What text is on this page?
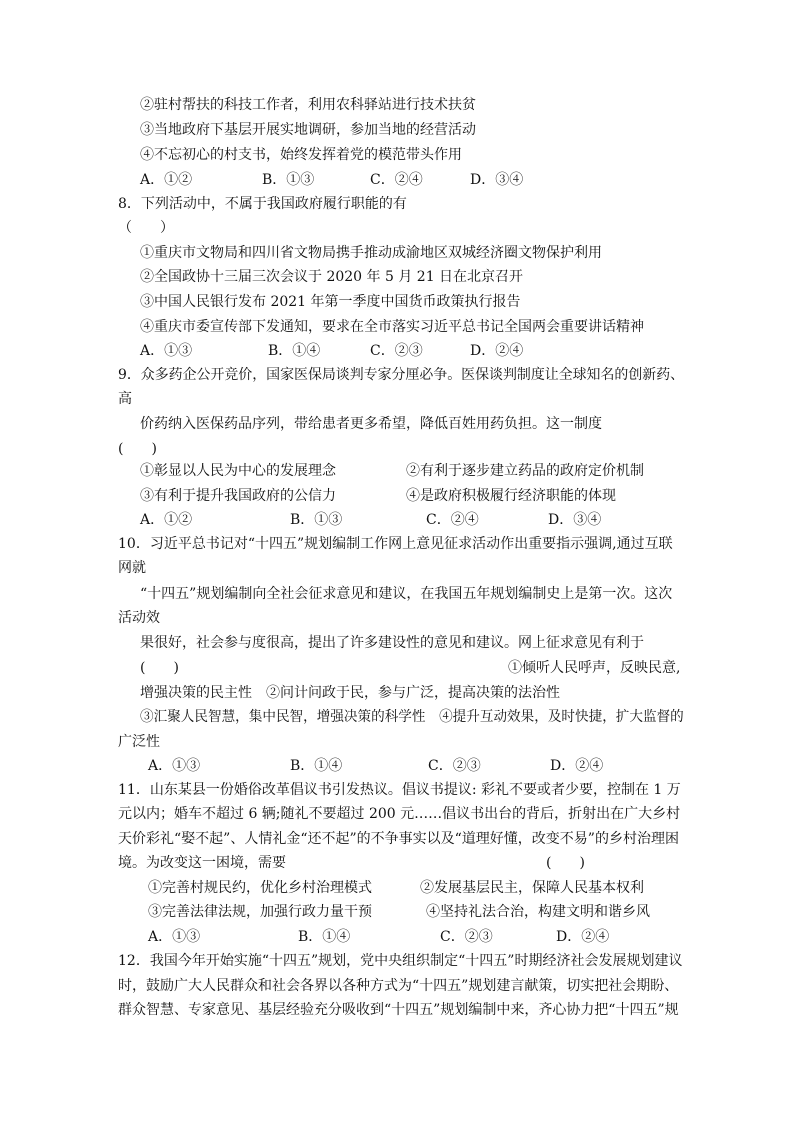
②驻村帮扶的科技工作者，利用农科驿站进行技术扶贫
③当地政府下基层开展实地调研，参加当地的经营活动
④不忘初心的村支书，始终发挥着党的模范带头作用
A．①②	B．①③	C．②④	D．③④
8．下列活动中，不属于我国政府履行职能的有
（　　）
①重庆市文物局和四川省文物局携手推动成渝地区双城经济圈文物保护利用
②全国政协十三届三次会议于 2020 年 5 月 21 日在北京召开
③中国人民银行发布 2021 年第一季度中国货币政策执行报告
④重庆市委宣传部下发通知，要求在全市落实习近平总书记全国两会重要讲话精神
A．①③	B．①④	C．②③	D．②④
9．众多药企公开竞价，国家医保局谈判专家分厘必争。医保谈判制度让全球知名的创新药、
高
价药纳入医保药品序列，带给患者更多希望，降低百姓用药负担。这一制度
(　　)
①彰显以人民为中心的发展理念	②有利于逐步建立药品的政府定价机制
③有利于提升我国政府的公信力	④是政府积极履行经济职能的体现
A．①②	B．①③	C．②④	D．③④
10．习近平总书记对“十四五”规划编制工作网上意见征求活动作出重要指示强调,通过互联
网就
“十四五”规划编制向全社会征求意见和建议，在我国五年规划编制史上是第一次。这次
活动效
果很好，社会参与度很高，提出了许多建设性的意见和建议。网上征求意见有利于
(　　)	①倾听人民呼声，反映民意,
增强决策的民主性　②问计问政于民，参与广泛，提高决策的法治性
③汇聚人民智慧，集中民智，增强决策的科学性　④提升互动效果，及时快捷，扩大监督的
广泛性
A．①③	B．①④	C．②③	D．②④
11．山东某县一份婚俗改革倡议书引发热议。倡议书提议: 彩礼不要或者少要，控制在 1 万
元以内；婚车不超过 6 辆;随礼不要超过 200 元……倡议书出台的背后，折射出在广大乡村
天价彩礼“娶不起”、人情礼金“还不起”的不争事实以及“道理好懂，改变不易”的乡村治理困
境。为改变这一困境，需要	(　　)
①完善村规民约，优化乡村治理模式	②发展基层民主，保障人民基本权利
③完善法律法规，加强行政力量干预	④坚持礼法合治，构建文明和谐乡风
A．①③	B．①④	C．②③	D．②④
12．我国今年开始实施“十四五”规划，党中央组织制定“十四五”时期经济社会发展规划建议
时，鼓励广大人民群众和社会各界以各种方式为“十四五”规划建言献策，切实把社会期盼、
群众智慧、专家意见、基层经验充分吸收到“十四五”规划编制中来，齐心协力把“十四五”规
